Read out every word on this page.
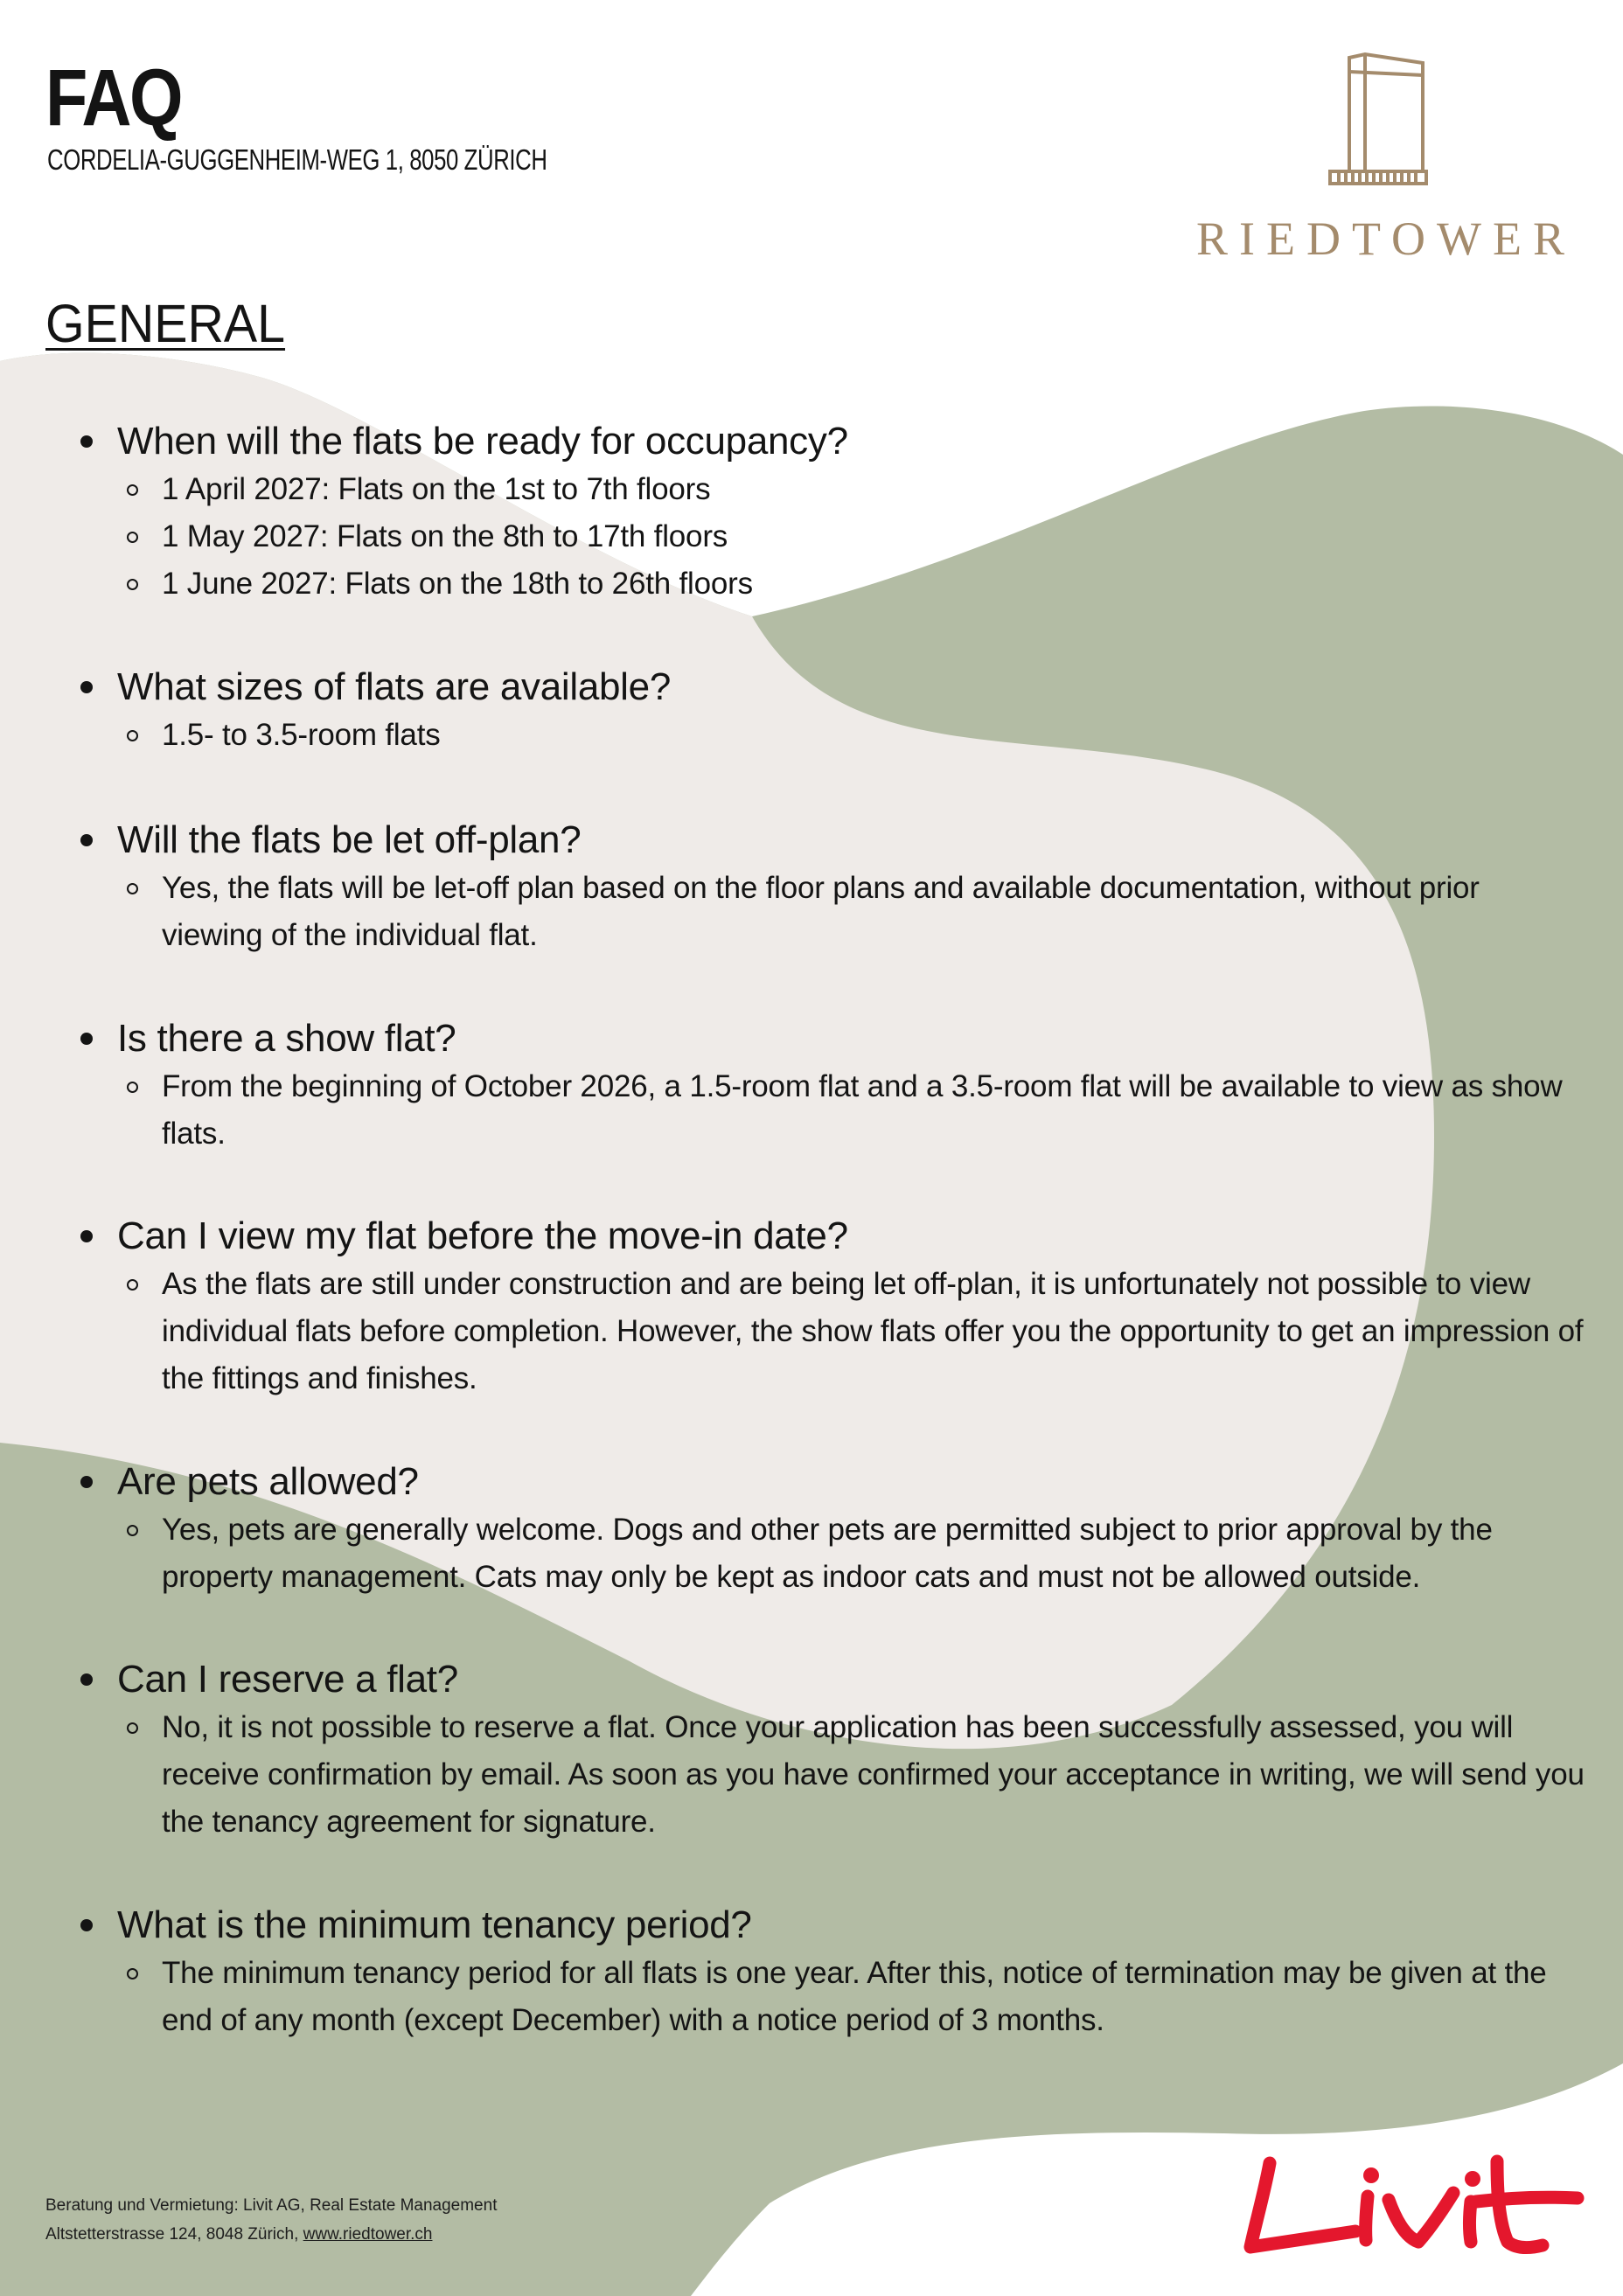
FAQ

CORDELIA-GUGGENHEIM-WEG 1, 8050 ZÜRICH

RIEDTOWER
GENERAL
When will the flats be ready for occupancy?
1 April 2027: Flats on the 1st to 7th floors
1 May 2027: Flats on the 8th to 17th floors
1 June 2027: Flats on the 18th to 26th floors
What sizes of flats are available?
1.5- to 3.5-room flats
Will the flats be let off-plan?
Yes, the flats will be let-off plan based on the floor plans and available documentation, without prior viewing of the individual flat.
Is there a show flat?
From the beginning of October 2026, a 1.5-room flat and a 3.5-room flat will be available to view as show flats.
Can I view my flat before the move-in date?
As the flats are still under construction and are being let off-plan, it is unfortunately not possible to view individual flats before completion. However, the show flats offer you the opportunity to get an impression of the fittings and finishes.
Are pets allowed?
Yes, pets are generally welcome. Dogs and other pets are permitted subject to prior approval by the property management. Cats may only be kept as indoor cats and must not be allowed outside.
Can I reserve a flat?
No, it is not possible to reserve a flat. Once your application has been successfully assessed, you will receive confirmation by email. As soon as you have confirmed your acceptance in writing, we will send you the tenancy agreement for signature.
What is the minimum tenancy period?
The minimum tenancy period for all flats is one year. After this, notice of termination may be given at the end of any month (except December) with a notice period of 3 months.
Beratung und Vermietung: Livit AG, Real Estate Management
Altstetterstrasse 124, 8048 Zürich, www.riedtower.ch
